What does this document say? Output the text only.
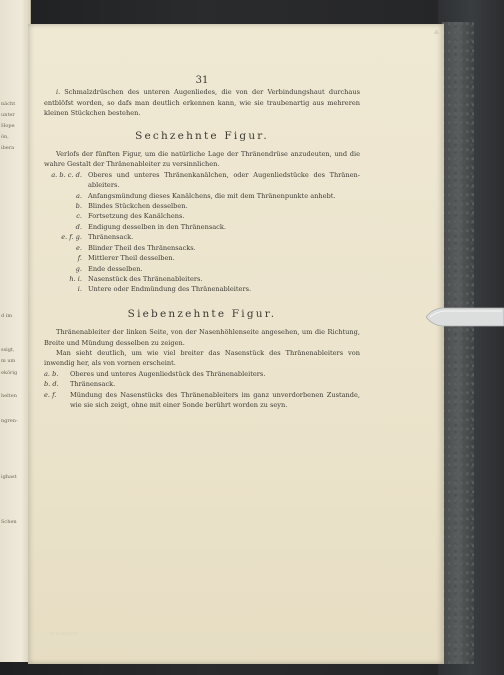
nächt
unter
Hope
ön,
ibera
d im
ssigt,
m um
ekörig
helten
ngren-
ighast
Schen
⁂
31

i. Schmalzdrüschen des unteren Augenliedes, die von der Verbindungshaut durchaus entblöfst worden, so dafs man deutlich erkennen kann, wie sie traubenartig aus mehreren kleinen Stückchen bestehen.

Sechzehnte Figur.

Verlofs der fünften Figur, um die natürliche Lage der Thränendrüse anzudeuten, und die wahre Gestalt der Thränenableiter zu versinnlichen.

a. b. c. d. Oberes und unteres Thränenkanälchen, oder Augenliedstücke des Thränen-ableiters.
a. Anfangsmündung dieses Kanälchens, die mit dem Thränenpunkte anhebt.
b. Blindes Stückchen desselben.
c. Fortsetzung des Kanälchens.
d. Endigung desselben in den Thränensack.
e. f. g. Thränensack.
e. Blinder Theil des Thränensacks.
f. Mittlerer Theil desselben.
g. Ende desselben.
h. i. Nasenstück des Thränenableiters.
i. Untere oder Endmündung des Thränenableiters.
Siebenzehnte Figur.

Thränenableiter der linken Seite, von der Nasenhöhlenseite angesehen, um die Richtung, Breite und Mündung desselben zu zeigen.

Man sieht deutlich, um wie viel breiter das Nasenstück des Thränenableiters von inwendig her, als von vornen erscheint.

a. b.	Oberes und unteres Augenliedstück des Thränenableiters.
b. d.	Thränensack.
e. f.	Mündung des Nasenstücks des Thränenableiters im ganz unverdorbenen Zustande, wie sie sich zeigt, ohne mit einer Sonde berührt worden zu seyn.
▭▭▭▭▭
